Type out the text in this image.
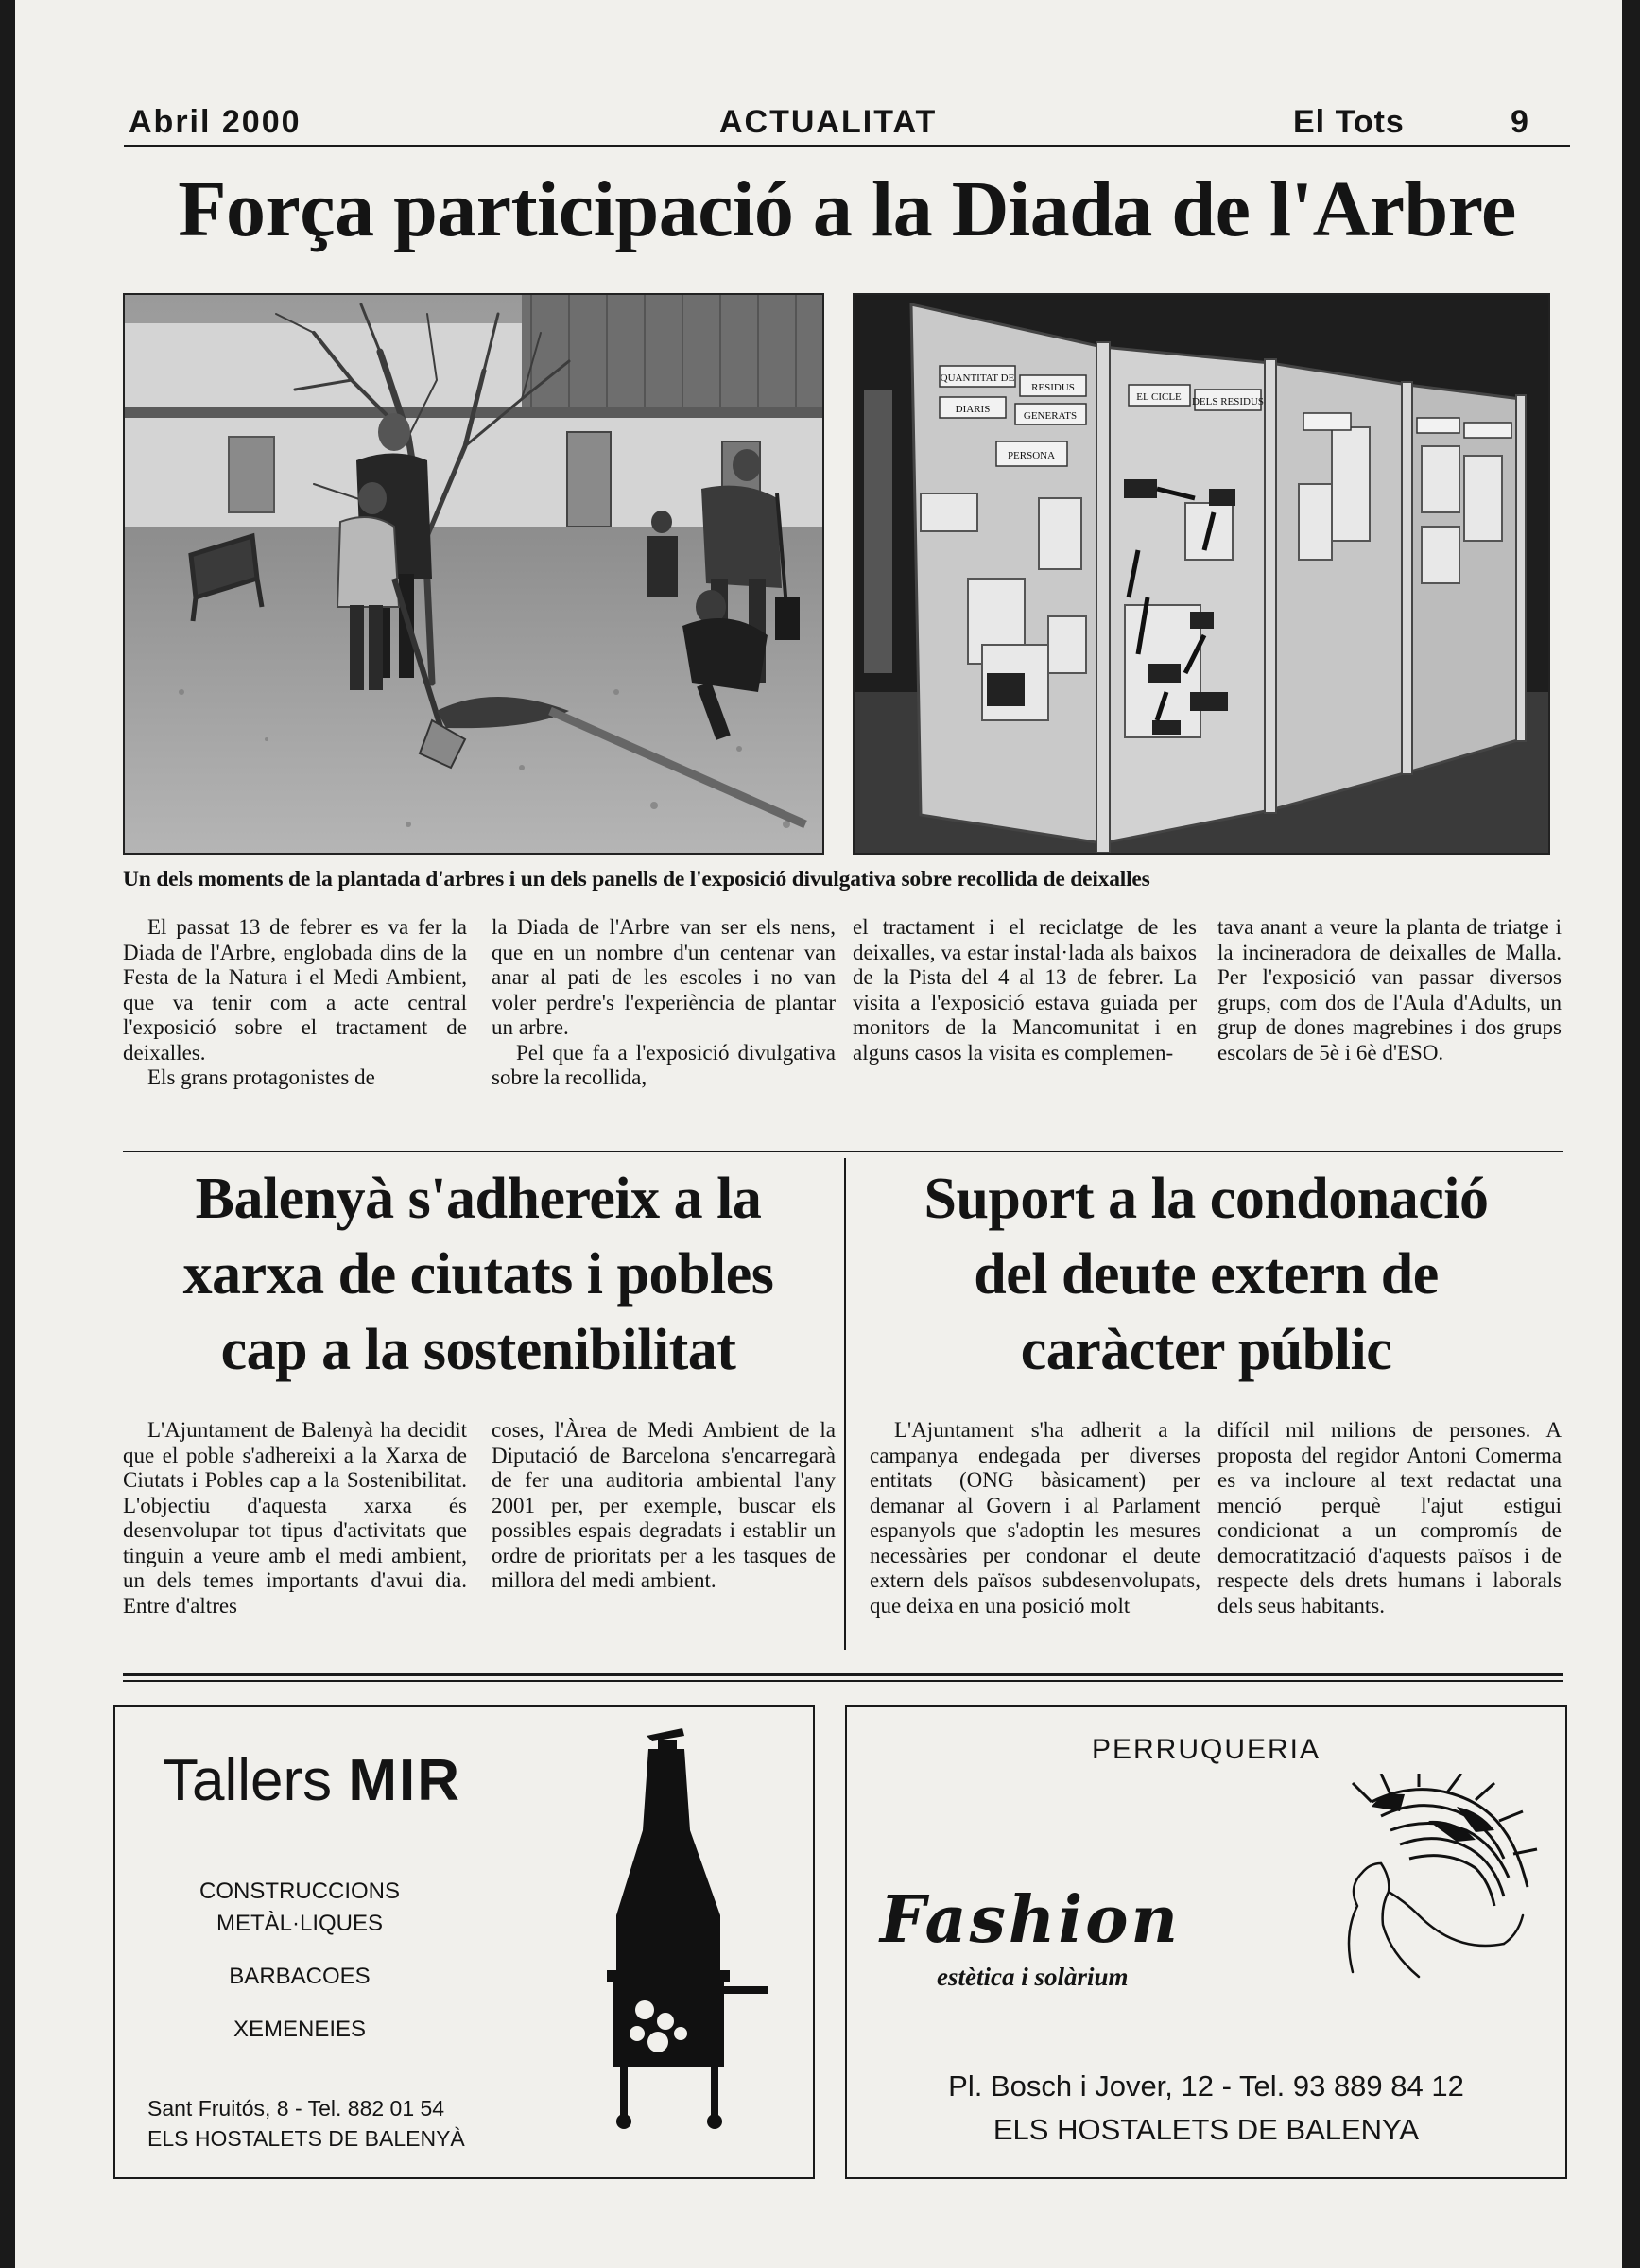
Abril 2000	ACTUALITAT	El Tots	9
Força participació a la Diada de l'Arbre
QUANTITAT DE
RESIDUS
DIARIS
GENERATS
PERSONA
EL CICLE DELS RESIDUS
Un dels moments de la plantada d'arbres i un dels panells de l'exposició divulgativa sobre recollida de deixalles

El passat 13 de febrer es va fer la Diada de l'Arbre, englobada dins de la Festa de la Natura i el Medi Ambient, que va tenir com a acte central l'exposició sobre el tractament de deixalles.

Els grans protagonistes de

la Diada de l'Arbre van ser els nens, que en un nombre d'un centenar van anar al pati de les escoles i no van voler perdre's l'experiència de plantar un arbre.

Pel que fa a l'exposició divulgativa sobre la recollida,

el tractament i el reciclatge de les deixalles, va estar instal·lada als baixos de la Pista del 4 al 13 de febrer. La visita a l'exposició estava guiada per monitors de la Mancomunitat i en alguns casos la visita es complemen-

tava anant a veure la planta de triatge i la incineradora de deixalles de Malla. Per l'exposició van passar diversos grups, com dos de l'Aula d'Adults, un grup de dones magrebines i dos grups escolars de 5è i 6è d'ESO.

Balenyà s'adhereix a la
xarxa de ciutats i pobles
cap a la sostenibilitat

L'Ajuntament de Balenyà ha decidit que el poble s'adhereixi a la Xarxa de Ciutats i Pobles cap a la Sostenibilitat. L'objectiu d'aquesta xarxa és desenvolupar tot tipus d'activitats que tinguin a veure amb el medi ambient, un dels temes importants d'avui dia. Entre d'altres

coses, l'Àrea de Medi Ambient de la Diputació de Barcelona s'encarregarà de fer una auditoria ambiental l'any 2001 per, per exemple, buscar els possibles espais degradats i establir un ordre de prioritats per a les tasques de millora del medi ambient.

Suport a la condonació
del deute extern de
caràcter públic

L'Ajuntament s'ha adherit a la campanya endegada per diverses entitats (ONG bàsicament) per demanar al Govern i al Parlament espanyols que s'adoptin les mesures necessàries per condonar el deute extern dels països subdesenvolupats, que deixa en una posició molt

difícil mil milions de persones. A proposta del regidor Antoni Comerma es va incloure al text redactat una menció perquè l'ajut estigui condicionat a un compromís de democratització d'aquests països i de respecte dels drets humans i laborals dels seus habitants.

Tallers MIR
CONSTRUCCIONS
METÀL·LIQUES
BARBACOES
XEMENEIES
Sant Fruitós, 8 - Tel. 882 01 54
ELS HOSTALETS DE BALENYÀ
PERRUQUERIA
Fashion
estètica i solàrium
Pl. Bosch i Jover, 12 - Tel. 93 889 84 12
ELS HOSTALETS DE BALENYA
